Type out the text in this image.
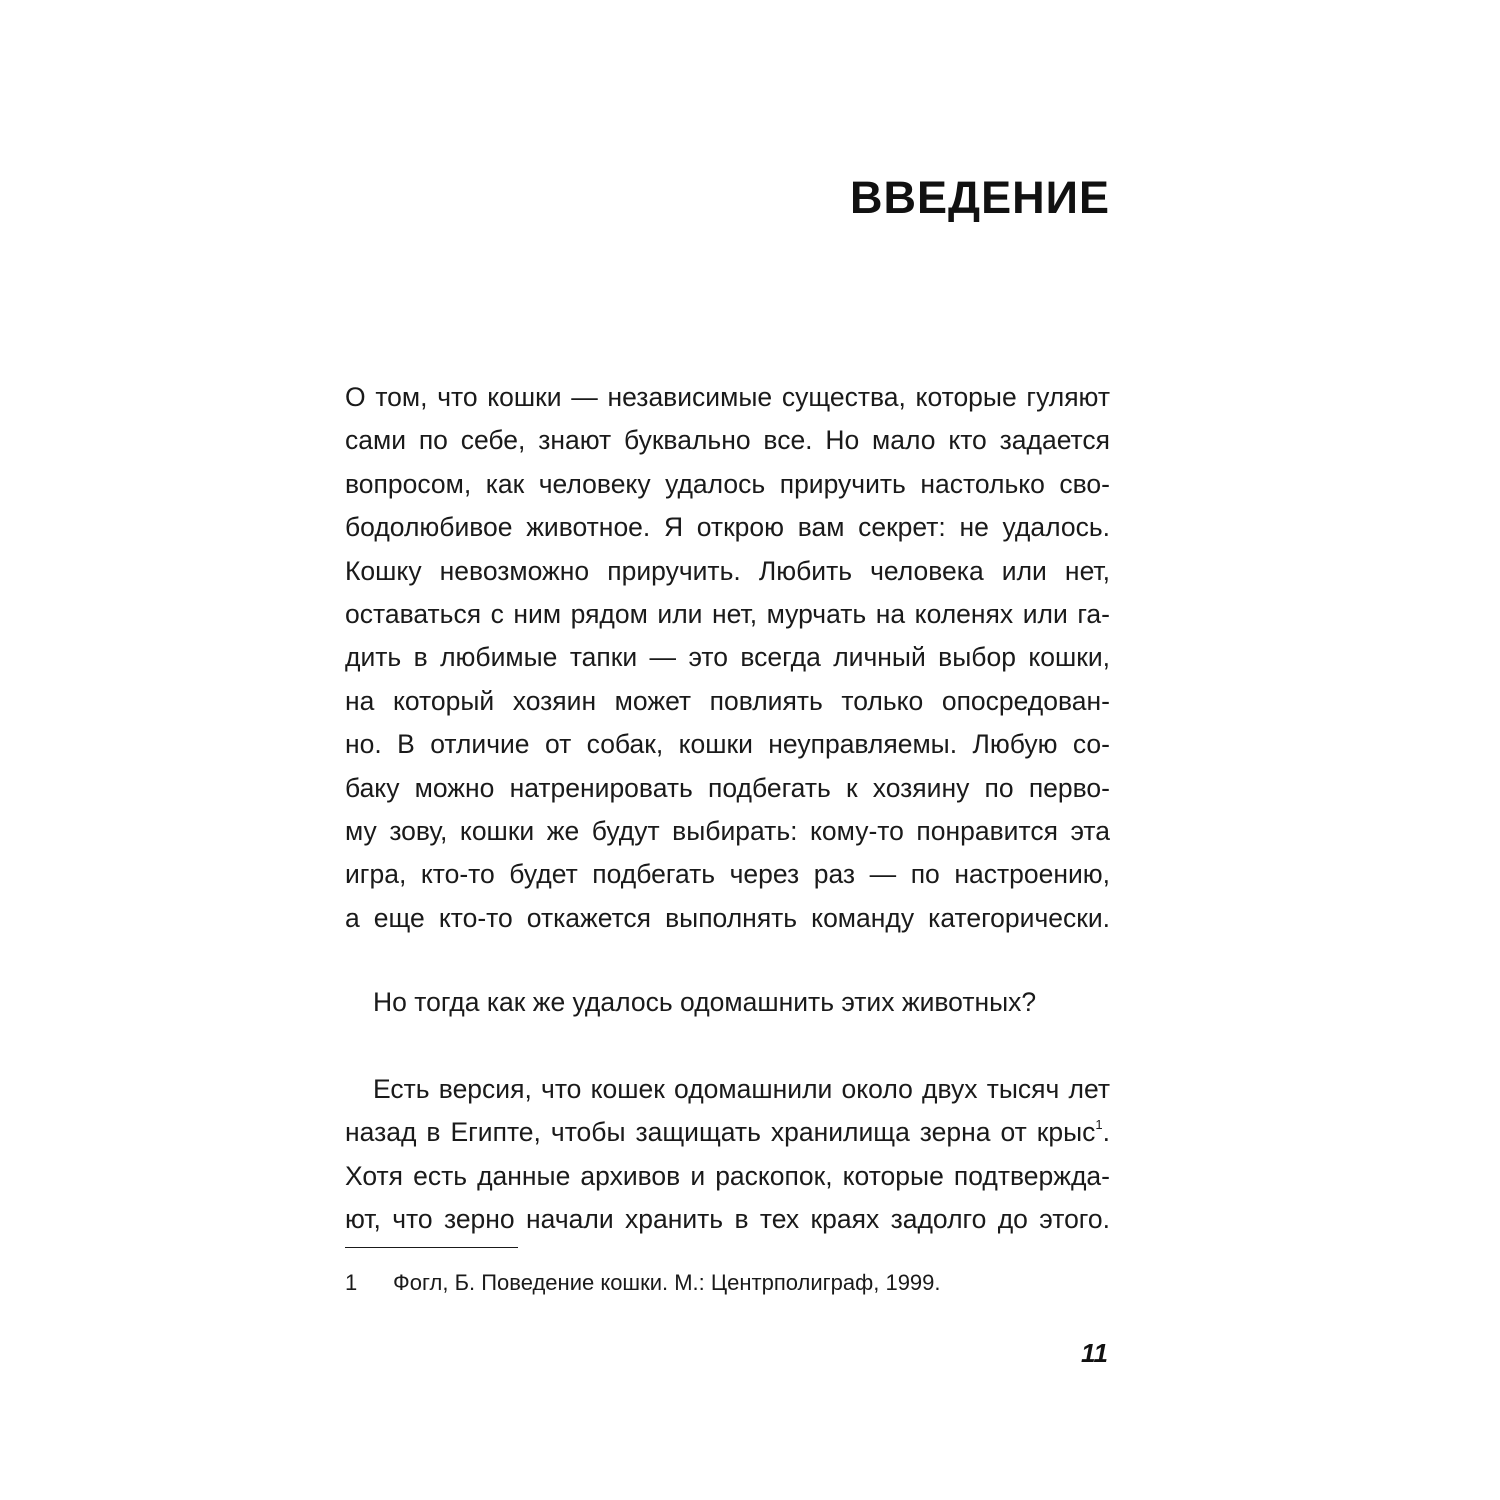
ВВЕДЕНИЕ
О том, что кошки — независимые существа, которые гуляют
сами по себе, знают буквально все. Но мало кто задается
вопросом, как человеку удалось приручить настолько сво-
бодолюбивое животное. Я открою вам секрет: не удалось.
Кошку невозможно приручить. Любить человека или нет,
оставаться с ним рядом или нет, мурчать на коленях или га-
дить в любимые тапки — это всегда личный выбор кошки,
на который хозяин может повлиять только опосредован-
но. В отличие от собак, кошки неуправляемы. Любую со-
баку можно натренировать подбегать к хозяину по перво-
му зову, кошки же будут выбирать: кому-то понравится эта
игра, кто-то будет подбегать через раз — по настроению,
а еще кто-то откажется выполнять команду категорически.
Но тогда как же удалось одомашнить этих животных?
Есть версия, что кошек одомашнили около двух тысяч лет
назад в Египте, чтобы защищать хранилища зерна от крыс$^1$.
Хотя есть данные архивов и раскопок, которые подтвержда-
ют, что зерно начали хранить в тех краях задолго до этого.
1 Фогл, Б. Поведение кошки. М.: Центрполиграф, 1999.
11
